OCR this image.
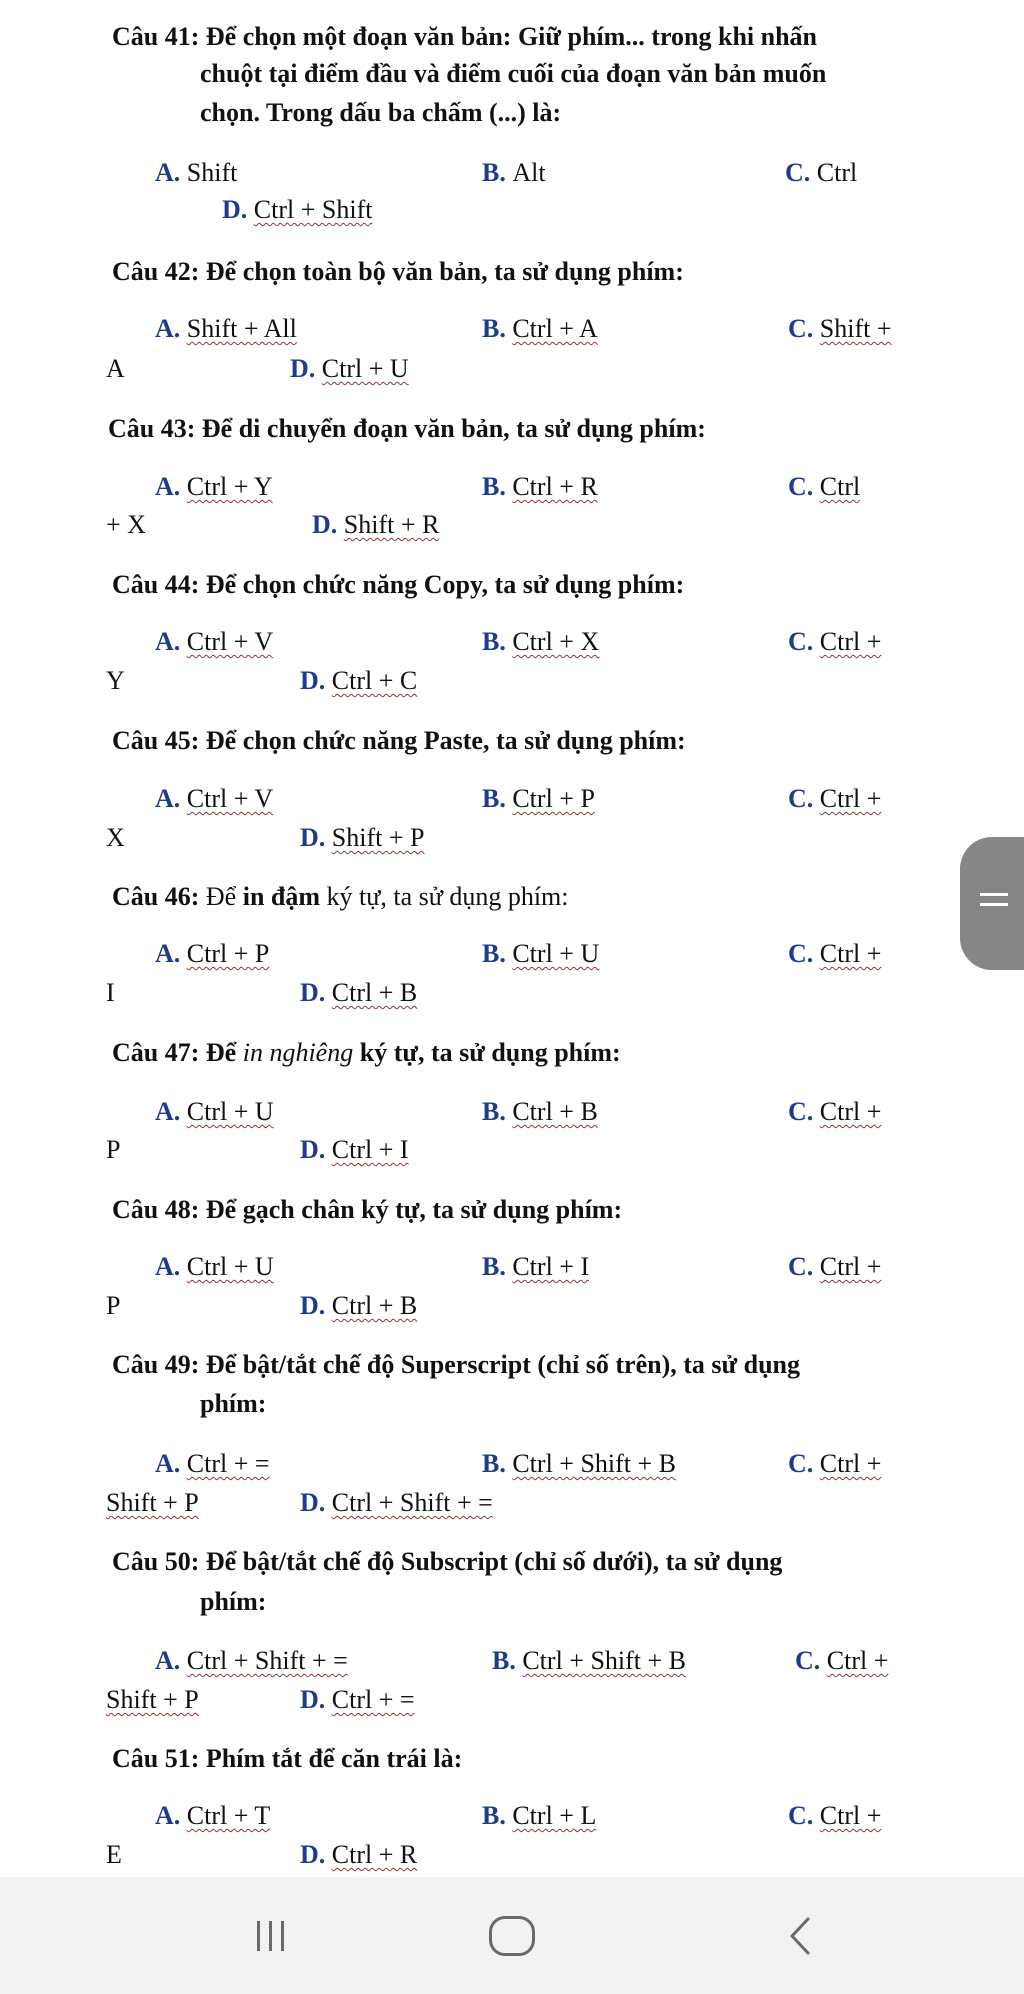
Câu 41: Để chọn một đoạn văn bản: Giữ phím... trong khi nhấn
chuột tại điểm đầu và điểm cuối của đoạn văn bản muốn
chọn. Trong dấu ba chấm (...) là:
A. Shift	B. Alt	C. Ctrl
D. Ctrl + Shift
Câu 42: Để chọn toàn bộ văn bản, ta sử dụng phím:
A. Shift + All	B. Ctrl + A	C. Shift +
A	D. Ctrl + U
Câu 43: Để di chuyển đoạn văn bản, ta sử dụng phím:
A. Ctrl + Y	B. Ctrl + R	C. Ctrl
+ X	D. Shift + R
Câu 44: Để chọn chức năng Copy, ta sử dụng phím:
A. Ctrl + V	B. Ctrl + X	C. Ctrl +
Y	D. Ctrl + C
Câu 45: Để chọn chức năng Paste, ta sử dụng phím:
A. Ctrl + V	B. Ctrl + P	C. Ctrl +
X	D. Shift + P
Câu 46: Để in đậm ký tự, ta sử dụng phím:
A. Ctrl + P	B. Ctrl + U	C. Ctrl +
I	D. Ctrl + B
Câu 47: Để in nghiêng ký tự, ta sử dụng phím:
A. Ctrl + U	B. Ctrl + B	C. Ctrl +
P	D. Ctrl + I
Câu 48: Để gạch chân ký tự, ta sử dụng phím:
A. Ctrl + U	B. Ctrl + I	C. Ctrl +
P	D. Ctrl + B
Câu 49: Để bật/tắt chế độ Superscript (chỉ số trên), ta sử dụng
phím:
A. Ctrl + =	B. Ctrl + Shift + B	C. Ctrl +
Shift + P	D. Ctrl + Shift + =
Câu 50: Để bật/tắt chế độ Subscript (chỉ số dưới), ta sử dụng
phím:
A. Ctrl + Shift + =	B. Ctrl + Shift + B	C. Ctrl +
Shift + P	D. Ctrl + =
Câu 51: Phím tắt để căn trái là:
A. Ctrl + T	B. Ctrl + L	C. Ctrl +
E	D. Ctrl + R
